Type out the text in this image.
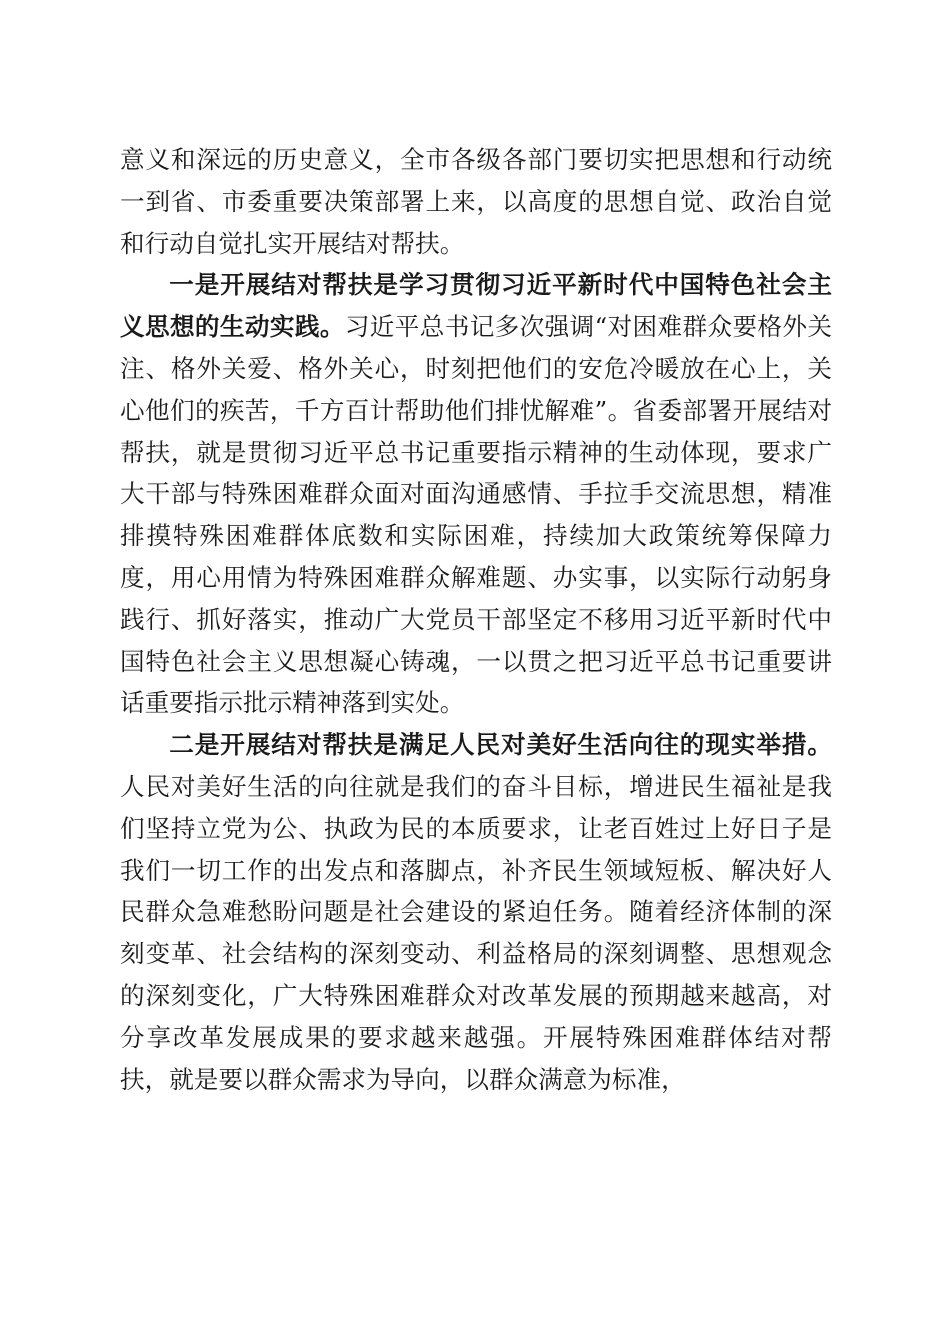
意义和深远的历史意义，全市各级各部门要切实把思想和行动统一到省、市委重要决策部署上来，以高度的思想自觉、政治自觉和行动自觉扎实开展结对帮扶。

一是开展结对帮扶是学习贯彻习近平新时代中国特色社会主义思想的生动实践。习近平总书记多次强调“对困难群众要格外关注、格外关爱、格外关心，时刻把他们的安危冷暖放在心上，关心他们的疾苦，千方百计帮助他们排忧解难”。省委部署开展结对帮扶，就是贯彻习近平总书记重要指示精神的生动体现，要求广大干部与特殊困难群众面对面沟通感情、手拉手交流思想，精准排摸特殊困难群体底数和实际困难，持续加大政策统筹保障力度，用心用情为特殊困难群众解难题、办实事，以实际行动躬身践行、抓好落实，推动广大党员干部坚定不移用习近平新时代中国特色社会主义思想凝心铸魂，一以贯之把习近平总书记重要讲话重要指示批示精神落到实处。

二是开展结对帮扶是满足人民对美好生活向往的现实举措。人民对美好生活的向往就是我们的奋斗目标，增进民生福祉是我们坚持立党为公、执政为民的本质要求，让老百姓过上好日子是我们一切工作的出发点和落脚点，补齐民生领域短板、解决好人民群众急难愁盼问题是社会建设的紧迫任务。随着经济体制的深刻变革、社会结构的深刻变动、利益格局的深刻调整、思想观念的深刻变化，广大特殊困难群众对改革发展的预期越来越高，对分享改革发展成果的要求越来越强。开展特殊困难群体结对帮扶，就是要以群众需求为导向，以群众满意为标准，
